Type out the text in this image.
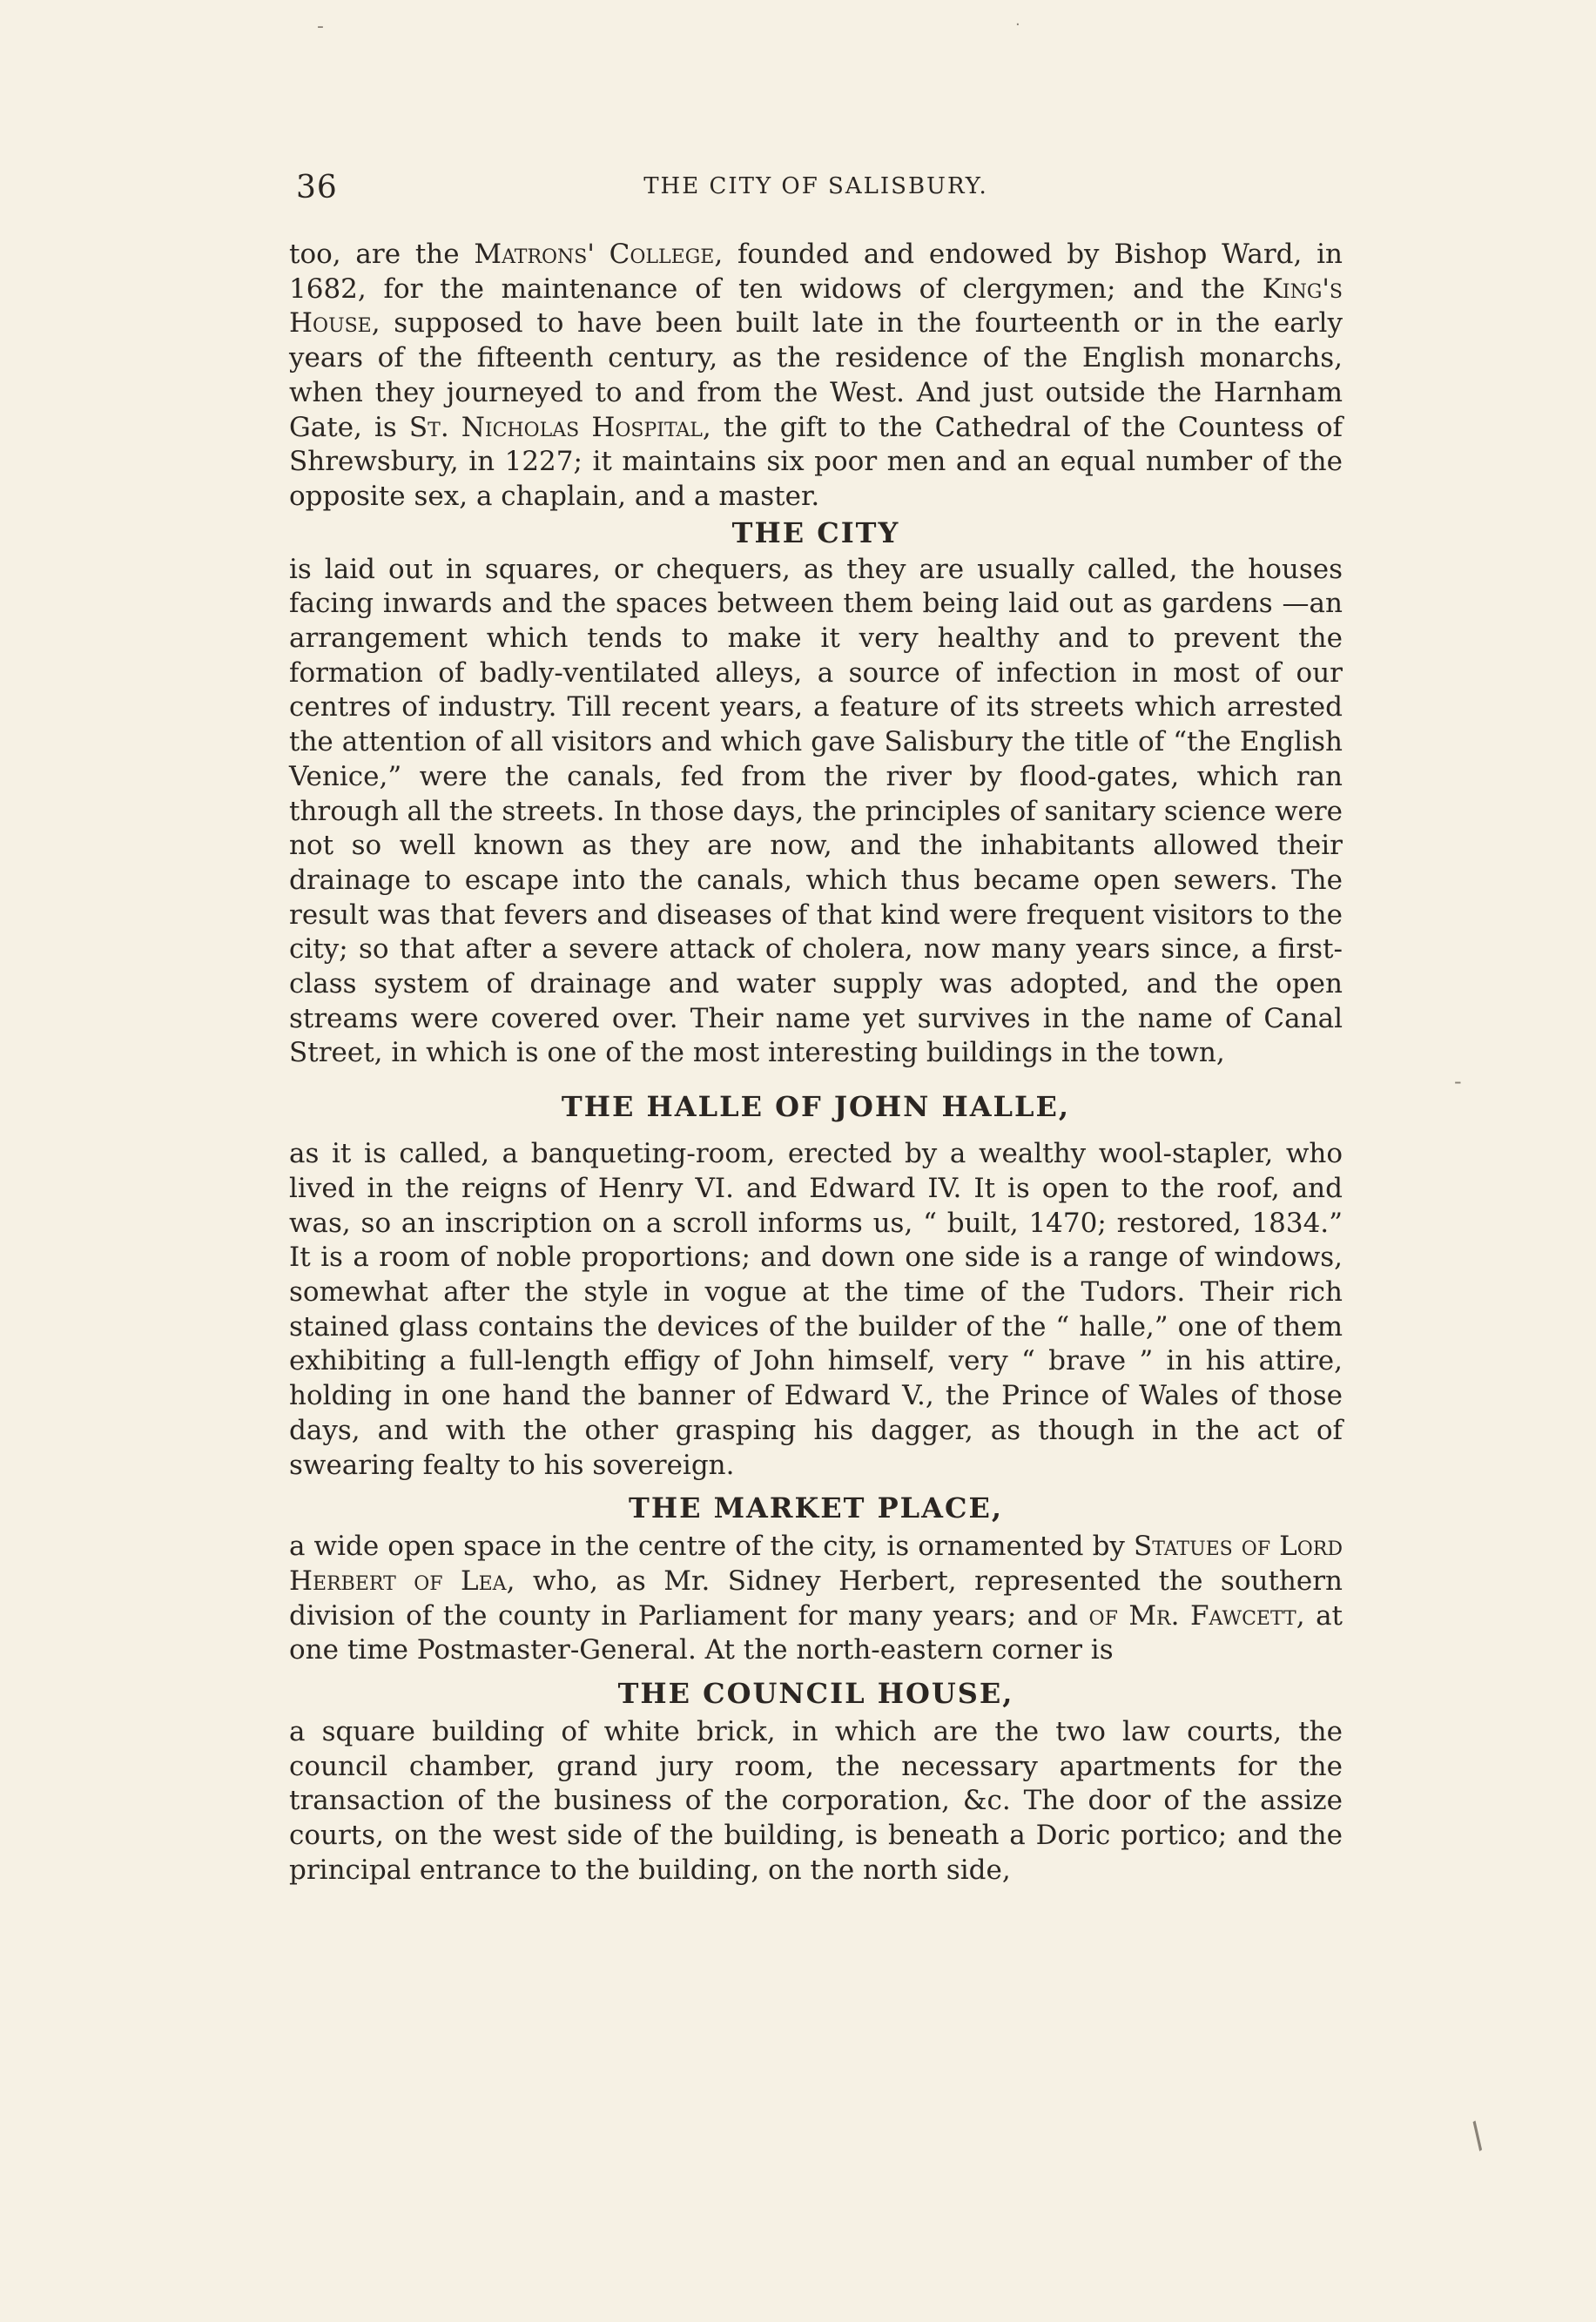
-	·
-
/
36	THE CITY OF SALISBURY.

too, are the Matrons' College, founded and endowed by Bishop Ward, in 1682, for the maintenance of ten widows of clergymen; and the King's House, supposed to have been built late in the fourteenth or in the early years of the fifteenth century, as the residence of the English monarchs, when they journeyed to and from the West. And just outside the Harnham Gate, is St. Nicholas Hospital, the gift to the Cathedral of the Countess of Shrewsbury, in 1227; it maintains six poor men and an equal number of the opposite sex, a chaplain, and a master.

THE CITY

is laid out in squares, or chequers, as they are usually called, the houses facing inwards and the spaces between them being laid out as gardens —an arrangement which tends to make it very healthy and to prevent the formation of badly-ventilated alleys, a source of infection in most of our centres of industry. Till recent years, a feature of its streets which arrested the attention of all visitors and which gave Salisbury the title of “the English Venice,” were the canals, fed from the river by flood-gates, which ran through all the streets. In those days, the principles of sanitary science were not so well known as they are now, and the inhabitants allowed their drainage to escape into the canals, which thus became open sewers. The result was that fevers and diseases of that kind were frequent visitors to the city; so that after a severe attack of cholera, now many years since, a first-class system of drainage and water supply was adopted, and the open streams were covered over. Their name yet survives in the name of Canal Street, in which is one of the most interesting buildings in the town,

THE HALLE OF JOHN HALLE,

as it is called, a banqueting-room, erected by a wealthy wool-stapler, who lived in the reigns of Henry VI. and Edward IV. It is open to the roof, and was, so an inscription on a scroll informs us, “ built, 1470; restored, 1834.” It is a room of noble proportions; and down one side is a range of windows, somewhat after the style in vogue at the time of the Tudors. Their rich stained glass contains the devices of the builder of the “ halle,” one of them exhibiting a full-length effigy of John himself, very “ brave ” in his attire, holding in one hand the banner of Edward V., the Prince of Wales of those days, and with the other grasping his dagger, as though in the act of swearing fealty to his sovereign.

THE MARKET PLACE,

a wide open space in the centre of the city, is ornamented by Statues of Lord Herbert of Lea, who, as Mr. Sidney Herbert, represented the southern division of the county in Parliament for many years; and of Mr. Fawcett, at one time Postmaster-General. At the north-eastern corner is

THE COUNCIL HOUSE,

a square building of white brick, in which are the two law courts, the council chamber, grand jury room, the necessary apartments for the transaction of the business of the corporation, &c. The door of the assize courts, on the west side of the building, is beneath a Doric portico; and the principal entrance to the building, on the north side,
